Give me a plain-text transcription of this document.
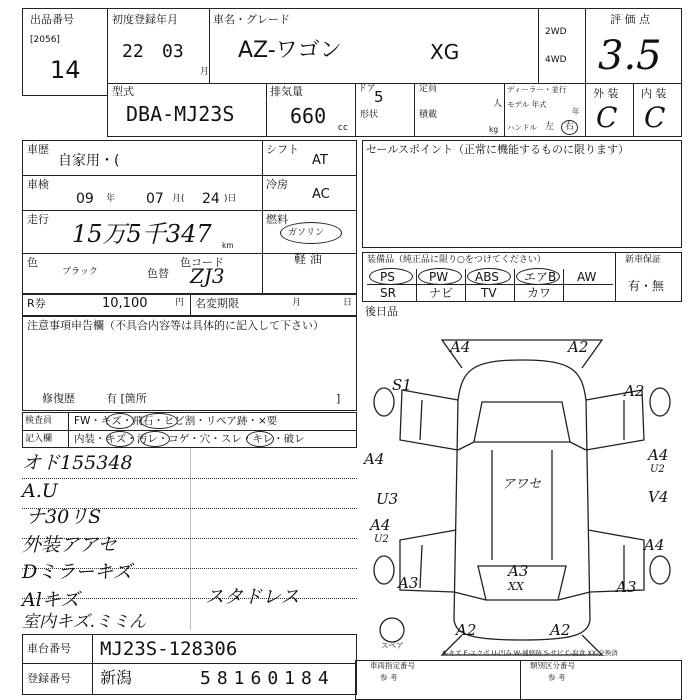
出品番号
[2056]
14
初度登録年月
22 03
月
車名・グレード
AZ-ワゴン	XG
2WD
4WD
評 価 点
3.5
型式
DBA-MJ23S
排気量
660 cc
ドア
5
形状
定員
人
積載
kg
ディーラー・並行
モデル 年式
年
ハンドル 左 右
外 装 内 装
C C
車歴
自家用・(
シフト
AT
車検
09 年 07 月( 24 )日
冷房
AC
走行
15万5千347 km
燃料
ガソリン
軽 油
色
ブラック	色替
色コード
ZJ3
R券	10,100	円 名変期限	月	日
セールスポイント（正常に機能するものに限ります）
装備品（純正品に限り○をつけてください）	新車保証
有・無
PS	PW ABS エアB AW
SR	ナビ TV	カワ
後日品
注意事項申告欄（不具合内容等は具体的に記入して下さい）
修復歴	有 [箇所	]
検査員 FW・キズ・飛石・ヒビ割・リペア跡・×要
記入欄 内装・キズ・汚レ・コゲ・穴・スレ・キレ・破レ
オド155348
A.U
ナ30リS
外装アアセ
Dミラーキズ
Alキズ
室内キズ.ミミん
スタドレス
A4	A2
S1	A2
A4	A4
U2
V4
U3
A4
U2	A4
A3
A3
XX	A3
A2	A2
アワセ
スペア
A-キズ E-エクボ U-凹み W-補修跡 S-サビ C-腐食 XX-交換済
車台番号 MJ23S-128306
登録番号 新潟	58160184
車両指定番号	類別区分番号
参 考	参 考
